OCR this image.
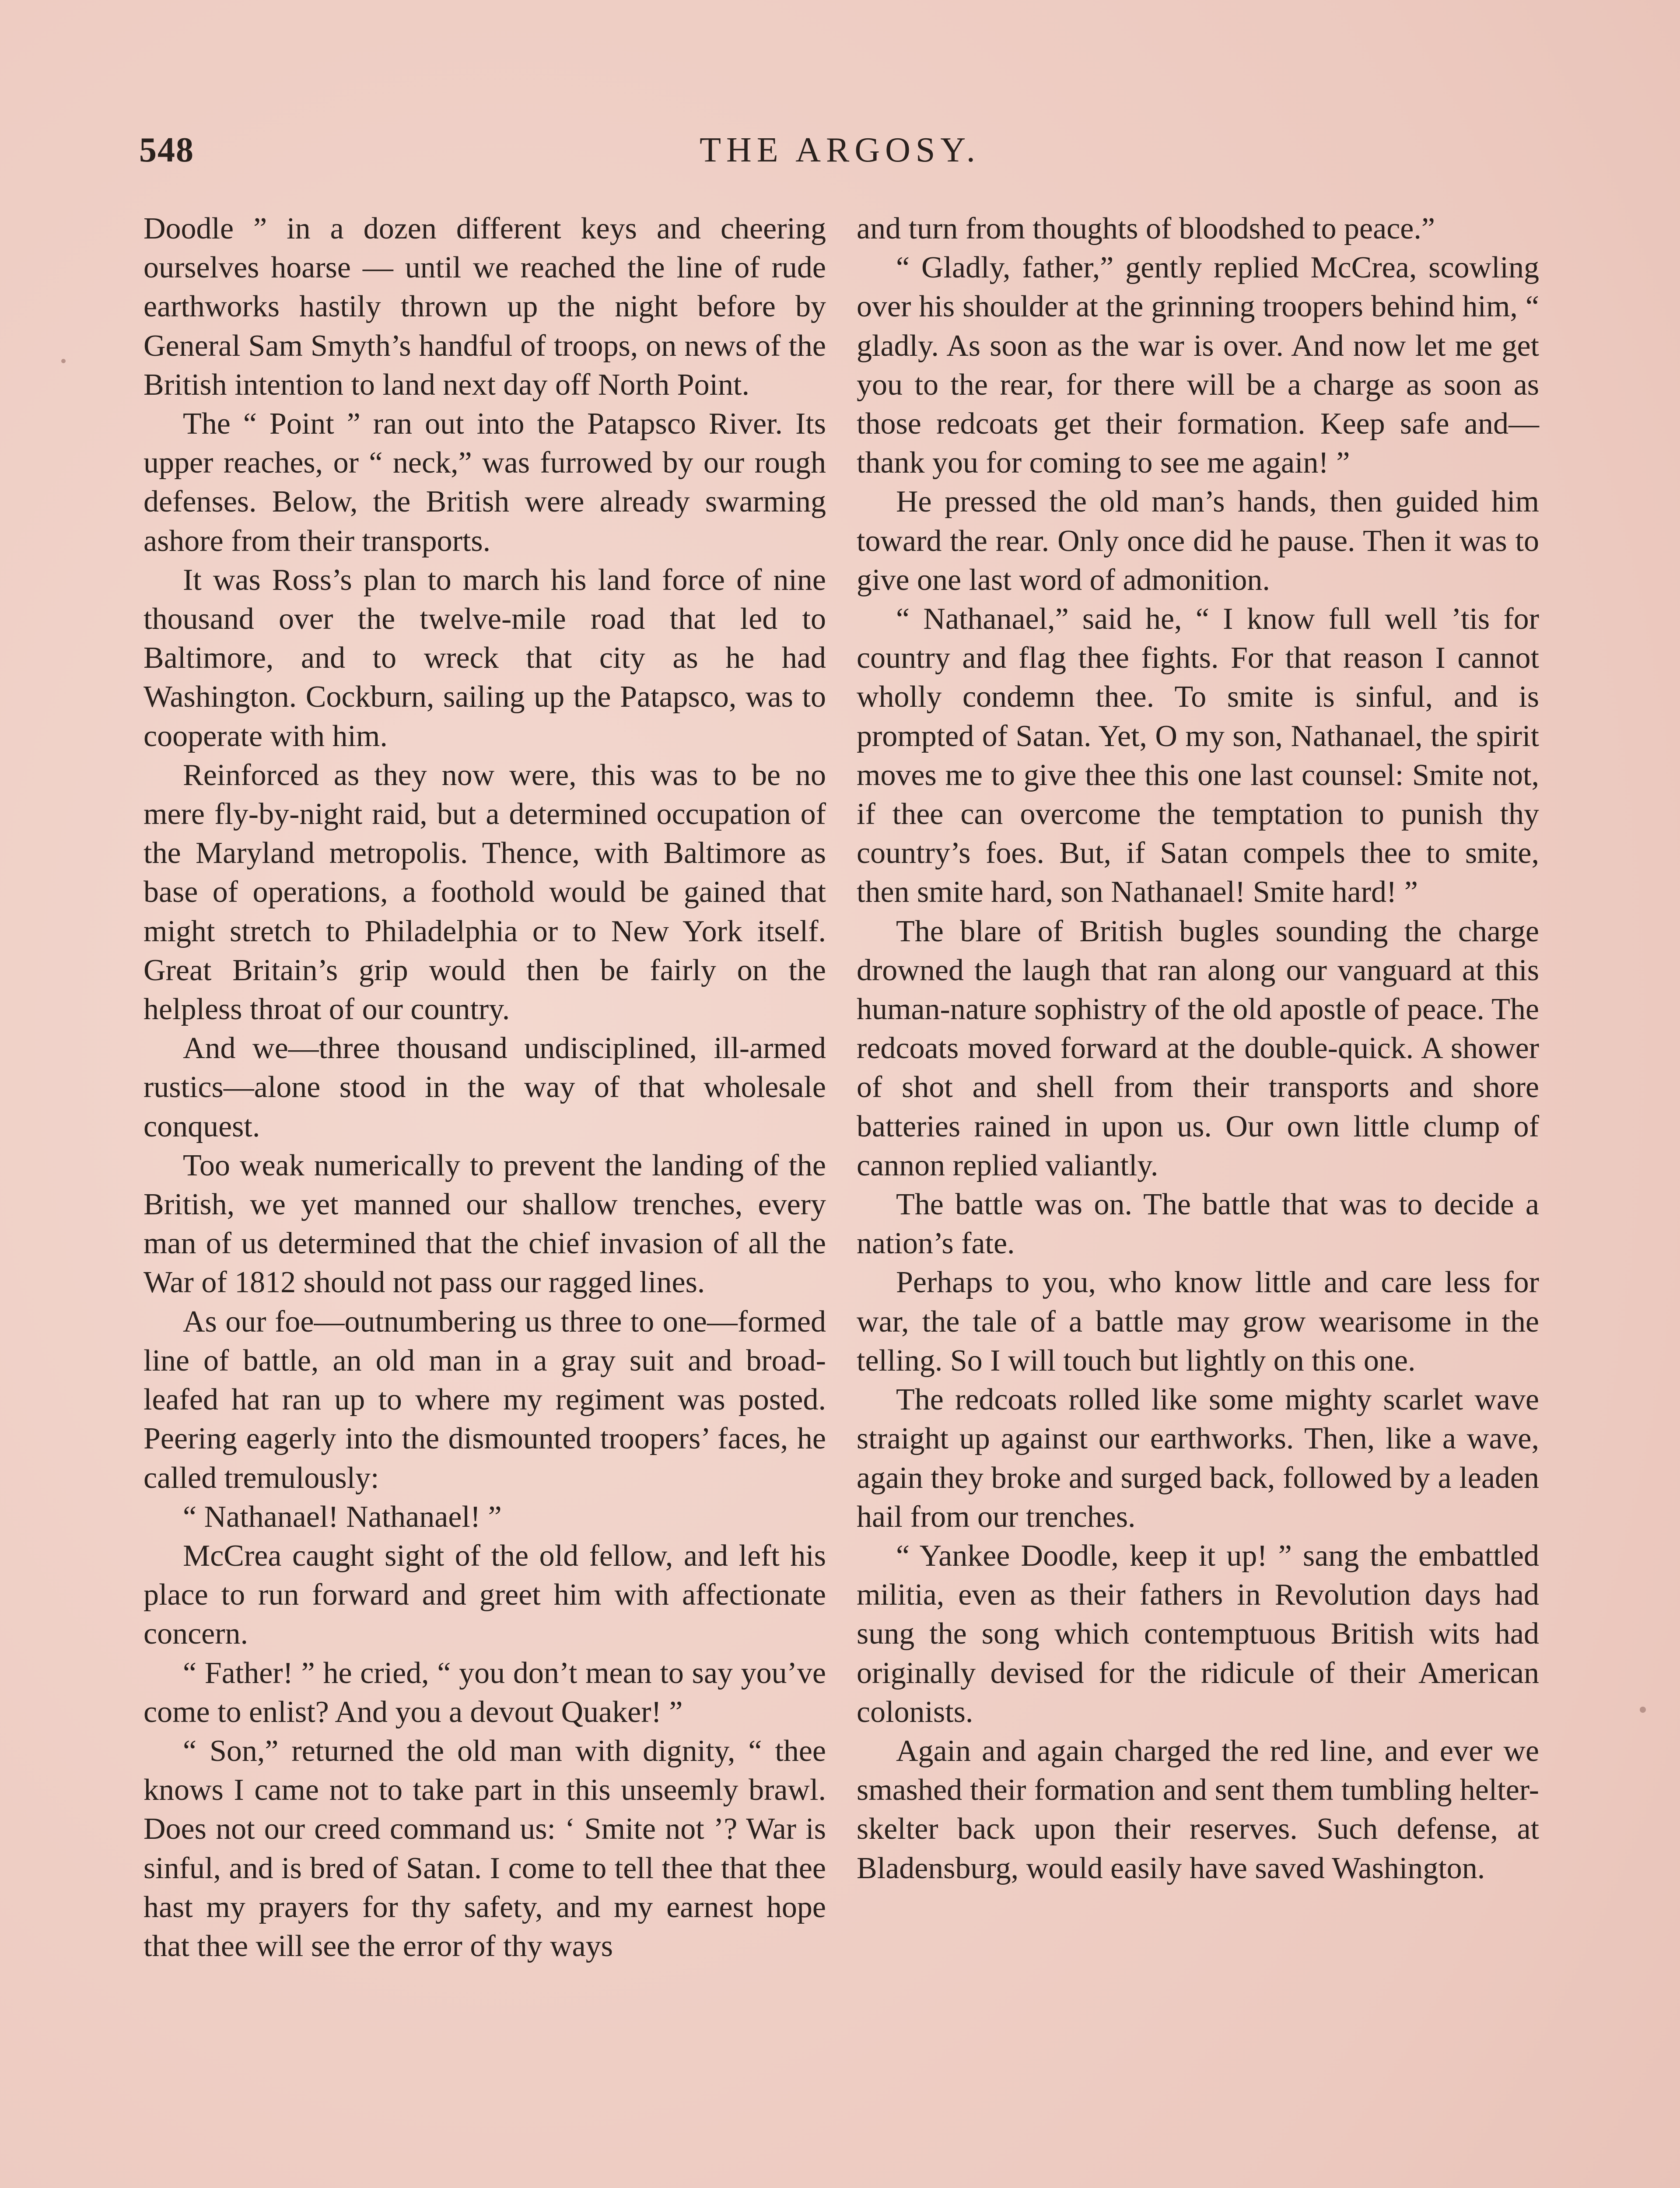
548	THE ARGOSY.

Doodle ” in a dozen different keys and cheering ourselves hoarse — until we reached the line of rude earthworks hastily thrown up the night before by General Sam Smyth’s handful of troops, on news of the British intention to land next day off North Point.

The “ Point ” ran out into the Patapsco River. Its upper reaches, or “ neck,” was furrowed by our rough defenses. Below, the British were already swarming ashore from their transports.

It was Ross’s plan to march his land force of nine thousand over the twelve-mile road that led to Baltimore, and to wreck that city as he had Washington. Cockburn, sailing up the Patapsco, was to cooperate with him.

Reinforced as they now were, this was to be no mere fly-by-night raid, but a determined occupation of the Maryland metropolis. Thence, with Baltimore as base of operations, a foothold would be gained that might stretch to Philadelphia or to New York itself. Great Britain’s grip would then be fairly on the helpless throat of our country.

And we—three thousand undisciplined, ill-armed rustics—alone stood in the way of that wholesale conquest.

Too weak numerically to prevent the landing of the British, we yet manned our shallow trenches, every man of us determined that the chief invasion of all the War of 1812 should not pass our ragged lines.

As our foe—outnumbering us three to one—formed line of battle, an old man in a gray suit and broad-leafed hat ran up to where my regiment was posted. Peering eagerly into the dismounted troopers’ faces, he called tremulously:

“ Nathanael! Nathanael! ”

McCrea caught sight of the old fellow, and left his place to run forward and greet him with affectionate concern.

“ Father! ” he cried, “ you don’t mean to say you’ve come to enlist? And you a devout Quaker! ”

“ Son,” returned the old man with dignity, “ thee knows I came not to take part in this unseemly brawl. Does not our creed command us: ‘ Smite not ’? War is sinful, and is bred of Satan. I come to tell thee that thee hast my prayers for thy safety, and my earnest hope that thee will see the error of thy ways

and turn from thoughts of bloodshed to peace.”

“ Gladly, father,” gently replied McCrea, scowling over his shoulder at the grinning troopers behind him, “ gladly. As soon as the war is over. And now let me get you to the rear, for there will be a charge as soon as those redcoats get their formation. Keep safe and—thank you for coming to see me again! ”

He pressed the old man’s hands, then guided him toward the rear. Only once did he pause. Then it was to give one last word of admonition.

“ Nathanael,” said he, “ I know full well ’tis for country and flag thee fights. For that reason I cannot wholly condemn thee. To smite is sinful, and is prompted of Satan. Yet, O my son, Nathanael, the spirit moves me to give thee this one last counsel: Smite not, if thee can overcome the temptation to punish thy country’s foes. But, if Satan compels thee to smite, then smite hard, son Nathanael! Smite hard! ”

The blare of British bugles sounding the charge drowned the laugh that ran along our vanguard at this human-nature sophistry of the old apostle of peace. The redcoats moved forward at the double-quick. A shower of shot and shell from their transports and shore batteries rained in upon us. Our own little clump of cannon replied valiantly.

The battle was on. The battle that was to decide a nation’s fate.

Perhaps to you, who know little and care less for war, the tale of a battle may grow wearisome in the telling. So I will touch but lightly on this one.

The redcoats rolled like some mighty scarlet wave straight up against our earthworks. Then, like a wave, again they broke and surged back, followed by a leaden hail from our trenches.

“ Yankee Doodle, keep it up! ” sang the embattled militia, even as their fathers in Revolution days had sung the song which contemptuous British wits had originally devised for the ridicule of their American colonists.

Again and again charged the red line, and ever we smashed their formation and sent them tumbling helter-skelter back upon their reserves. Such defense, at Bladensburg, would easily have saved Washington.
